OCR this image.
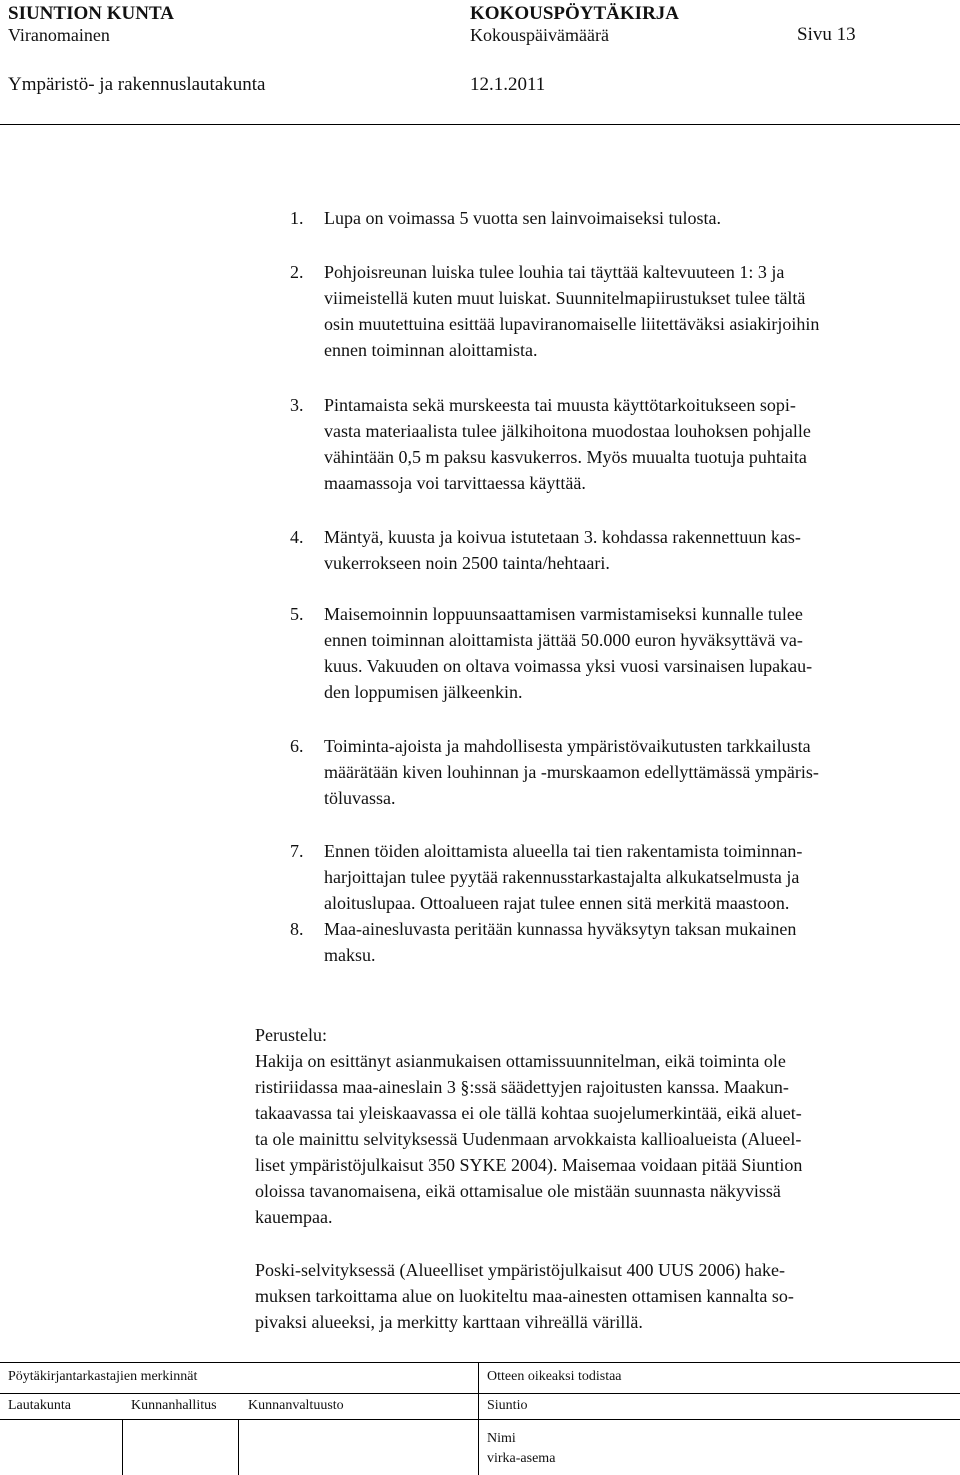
SIUNTION KUNTA	KOKOUSPÖYTÄKIRJA
Viranomainen	Kokouspäivämäärä	Sivu 13
Ympäristö- ja rakennuslautakunta	12.1.2011
1.	Lupa on voimassa 5 vuotta sen lainvoimaiseksi tulosta.
2.	Pohjoisreunan luiska tulee louhia tai täyttää kaltevuuteen 1: 3 ja
viimeistellä kuten muut luiskat. Suunnitelmapiirustukset tulee tältä
osin muutettuina esittää lupaviranomaiselle liitettäväksi asiakirjoihin
ennen toiminnan aloittamista.
3.	Pintamaista sekä murskeesta tai muusta käyttötarkoitukseen sopi-
vasta materiaalista tulee jälkihoitona muodostaa louhoksen pohjalle
vähintään 0,5 m paksu kasvukerros. Myös muualta tuotuja puhtaita
maamassoja voi tarvittaessa käyttää.
4.	Mäntyä, kuusta ja koivua istutetaan 3. kohdassa rakennettuun kas-
vukerrokseen noin 2500 tainta/hehtaari.
5.	Maisemoinnin loppuunsaattamisen varmistamiseksi kunnalle tulee
ennen toiminnan aloittamista jättää 50.000 euron hyväksyttävä va-
kuus. Vakuuden on oltava voimassa yksi vuosi varsinaisen lupakau-
den loppumisen jälkeenkin.
6.	Toiminta-ajoista ja mahdollisesta ympäristövaikutusten tarkkailusta
määrätään kiven louhinnan ja -murskaamon edellyttämässä ympäris-
töluvassa.
7.	Ennen töiden aloittamista alueella tai tien rakentamista toiminnan-
harjoittajan tulee pyytää rakennusstarkastajalta alkukatselmusta ja
aloituslupaa. Ottoalueen rajat tulee ennen sitä merkitä maastoon.
8.	Maa-ainesluvasta peritään kunnassa hyväksytyn taksan mukainen
maksu.
Perustelu:
Hakija on esittänyt asianmukaisen ottamissuunnitelman, eikä toiminta ole
ristiriidassa maa-aineslain 3 §:ssä säädettyjen rajoitusten kanssa. Maakun-
takaavassa tai yleiskaavassa ei ole tällä kohtaa suojelumerkintää, eikä aluet-
ta ole mainittu selvityksessä Uudenmaan arvokkaista kallioalueista (Alueel-
liset ympäristöjulkaisut 350 SYKE 2004). Maisemaa voidaan pitää Siuntion
oloissa tavanomaisena, eikä ottamisalue ole mistään suunnasta näkyvissä
kauempaa.
Poski-selvityksessä (Alueelliset ympäristöjulkaisut 400 UUS 2006) hake-
muksen tarkoittama alue on luokiteltu maa-ainesten ottamisen kannalta so-
pivaksi alueeksi, ja merkitty karttaan vihreällä värillä.
Pöytäkirjantarkastajien merkinnät	Otteen oikeaksi todistaa
Lautakunta	Kunnanhallitus Kunnanvaltuusto	Siuntio
Nimi
virka-asema
